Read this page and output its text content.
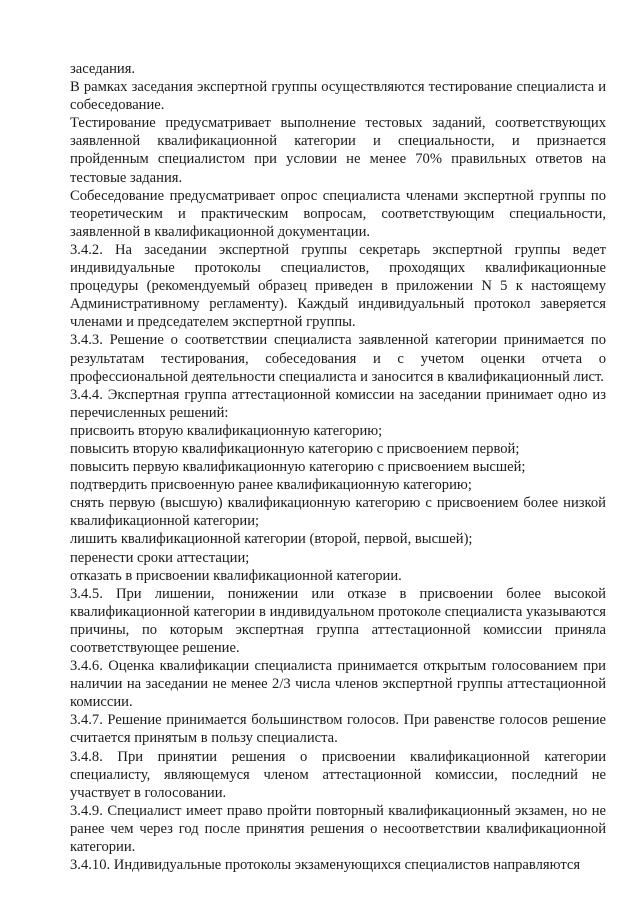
заседания.

В рамках заседания экспертной группы осуществляются тестирование специалиста и собеседование.

Тестирование предусматривает выполнение тестовых заданий, соответствующих заявленной квалификационной категории и специальности, и признается пройденным специалистом при условии не менее 70% правильных ответов на тестовые задания.

Собеседование предусматривает опрос специалиста членами экспертной группы по теоретическим и практическим вопросам, соответствующим специальности, заявленной в квалификационной документации.

3.4.2. На заседании экспертной группы секретарь экспертной группы ведет индивидуальные протоколы специалистов, проходящих квалификационные процедуры (рекомендуемый образец приведен в приложении N 5 к настоящему Административному регламенту). Каждый индивидуальный протокол заверяется членами и председателем экспертной группы.

3.4.3. Решение о соответствии специалиста заявленной категории принимается по результатам тестирования, собеседования и с учетом оценки отчета о профессиональной деятельности специалиста и заносится в квалификационный лист.

3.4.4. Экспертная группа аттестационной комиссии на заседании принимает одно из перечисленных решений:

присвоить вторую квалификационную категорию;

повысить вторую квалификационную категорию с присвоением первой;

повысить первую квалификационную категорию с присвоением высшей;

подтвердить присвоенную ранее квалификационную категорию;

снять первую (высшую) квалификационную категорию с присвоением более низкой квалификационной категории;

лишить квалификационной категории (второй, первой, высшей);

перенести сроки аттестации;

отказать в присвоении квалификационной категории.

3.4.5. При лишении, понижении или отказе в присвоении более высокой квалификационной категории в индивидуальном протоколе специалиста указываются причины, по которым экспертная группа аттестационной комиссии приняла соответствующее решение.

3.4.6. Оценка квалификации специалиста принимается открытым голосованием при наличии на заседании не менее 2/3 числа членов экспертной группы аттестационной комиссии.

3.4.7. Решение принимается большинством голосов. При равенстве голосов решение считается принятым в пользу специалиста.

3.4.8. При принятии решения о присвоении квалификационной категории специалисту, являющемуся членом аттестационной комиссии, последний не участвует в голосовании.

3.4.9. Специалист имеет право пройти повторный квалификационный экзамен, но не ранее чем через год после принятия решения о несоответствии квалификационной категории.

3.4.10. Индивидуальные протоколы экзаменующихся специалистов направляются
